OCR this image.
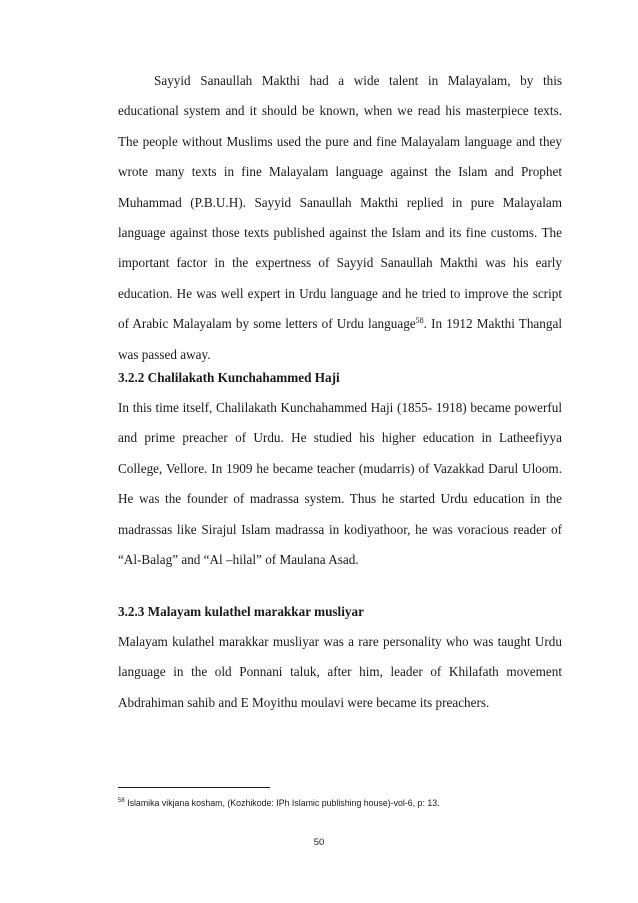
Sayyid Sanaullah Makthi had a wide talent in Malayalam, by this educational system and it should be known, when we read his masterpiece texts. The people without Muslims used the pure and fine Malayalam language and they wrote many texts in fine Malayalam language against the Islam and Prophet Muhammad (P.B.U.H). Sayyid Sanaullah Makthi replied in pure Malayalam language against those texts published against the Islam and its fine customs. The important factor in the expertness of Sayyid Sanaullah Makthi was his early education. He was well expert in Urdu language and he tried to improve the script of Arabic Malayalam by some letters of Urdu language$^{58}$. In 1912 Makthi Thangal was passed away.

3.2.2 Chalilakath Kunchahammed Haji

In this time itself, Chalilakath Kunchahammed Haji (1855- 1918) became powerful and prime preacher of Urdu. He studied his higher education in Latheefiyya College, Vellore. In 1909 he became teacher (mudarris) of Vazakkad Darul Uloom. He was the founder of madrassa system. Thus he started Urdu education in the madrassas like Sirajul Islam madrassa in kodiyathoor, he was voracious reader of “Al-Balag” and “Al –hilal” of Maulana Asad.

3.2.3 Malayam kulathel marakkar musliyar

Malayam kulathel marakkar musliyar was a rare personality who was taught Urdu language in the old Ponnani taluk, after him, leader of Khilafath movement Abdrahiman sahib and E Moyithu moulavi were became its preachers.

$^{58}$ Islamika vikjana kosham, (Kozhikode: IPh Islamic publishing house)-vol-6, p: 13.
50
